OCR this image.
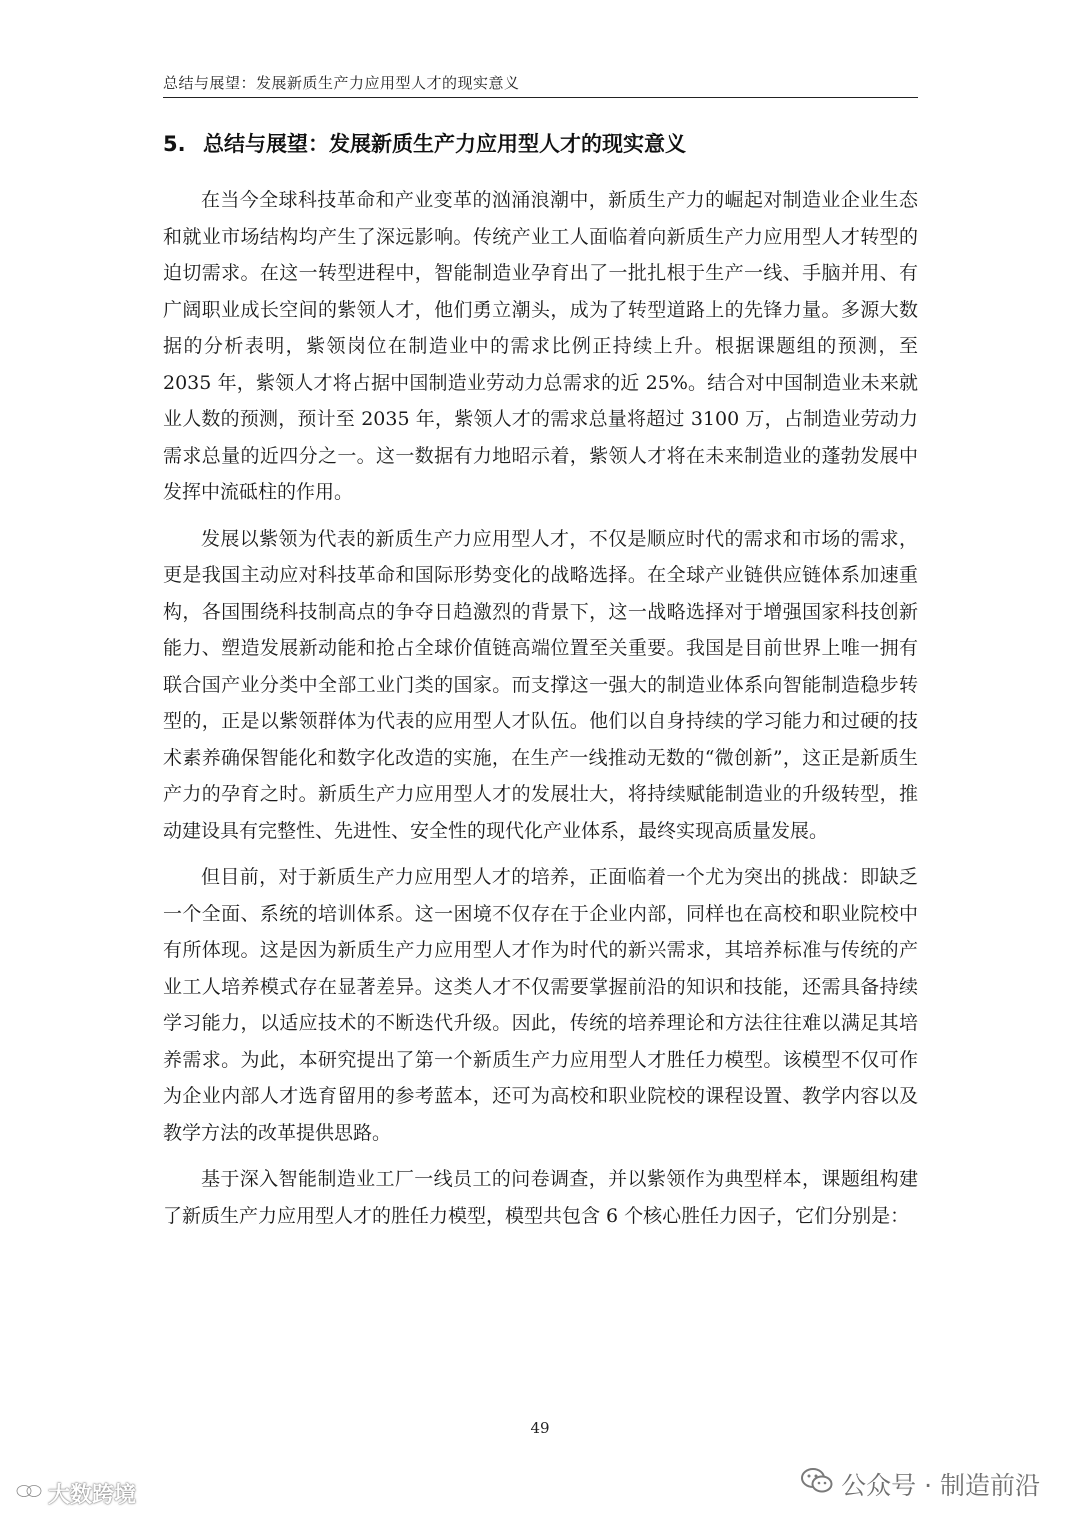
总结与展望：发展新质生产力应用型人才的现实意义
5. 总结与展望：发展新质生产力应用型人才的现实意义

在当今全球科技革命和产业变革的汹涌浪潮中，新质生产力的崛起对制造业企业生态和就业市场结构均产生了深远影响。传统产业工人面临着向新质生产力应用型人才转型的迫切需求。在这一转型进程中，智能制造业孕育出了一批扎根于生产一线、手脑并用、有广阔职业成长空间的紫领人才，他们勇立潮头，成为了转型道路上的先锋力量。多源大数据的分析表明，紫领岗位在制造业中的需求比例正持续上升。根据课题组的预测，至 2035 年，紫领人才将占据中国制造业劳动力总需求的近 25%。结合对中国制造业未来就业人数的预测，预计至 2035 年，紫领人才的需求总量将超过 3100 万，占制造业劳动力需求总量的近四分之一。这一数据有力地昭示着，紫领人才将在未来制造业的蓬勃发展中发挥中流砥柱的作用。

发展以紫领为代表的新质生产力应用型人才，不仅是顺应时代的需求和市场的需求，更是我国主动应对科技革命和国际形势变化的战略选择。在全球产业链供应链体系加速重构，各国围绕科技制高点的争夺日趋激烈的背景下，这一战略选择对于增强国家科技创新能力、塑造发展新动能和抢占全球价值链高端位置至关重要。我国是目前世界上唯一拥有联合国产业分类中全部工业门类的国家。而支撑这一强大的制造业体系向智能制造稳步转型的，正是以紫领群体为代表的应用型人才队伍。他们以自身持续的学习能力和过硬的技术素养确保智能化和数字化改造的实施，在生产一线推动无数的“微创新”，这正是新质生产力的孕育之时。新质生产力应用型人才的发展壮大，将持续赋能制造业的升级转型，推动建设具有完整性、先进性、安全性的现代化产业体系，最终实现高质量发展。

但目前，对于新质生产力应用型人才的培养，正面临着一个尤为突出的挑战：即缺乏一个全面、系统的培训体系。这一困境不仅存在于企业内部，同样也在高校和职业院校中有所体现。这是因为新质生产力应用型人才作为时代的新兴需求，其培养标准与传统的产业工人培养模式存在显著差异。这类人才不仅需要掌握前沿的知识和技能，还需具备持续学习能力，以适应技术的不断迭代升级。因此，传统的培养理论和方法往往难以满足其培养需求。为此，本研究提出了第一个新质生产力应用型人才胜任力模型。该模型不仅可作为企业内部人才选育留用的参考蓝本，还可为高校和职业院校的课程设置、教学内容以及教学方法的改革提供思路。

基于深入智能制造业工厂一线员工的问卷调查，并以紫领作为典型样本，课题组构建了新质生产力应用型人才的胜任力模型，模型共包含 6 个核心胜任力因子，它们分别是：

49
公众号 · 制造前沿
大数跨境
